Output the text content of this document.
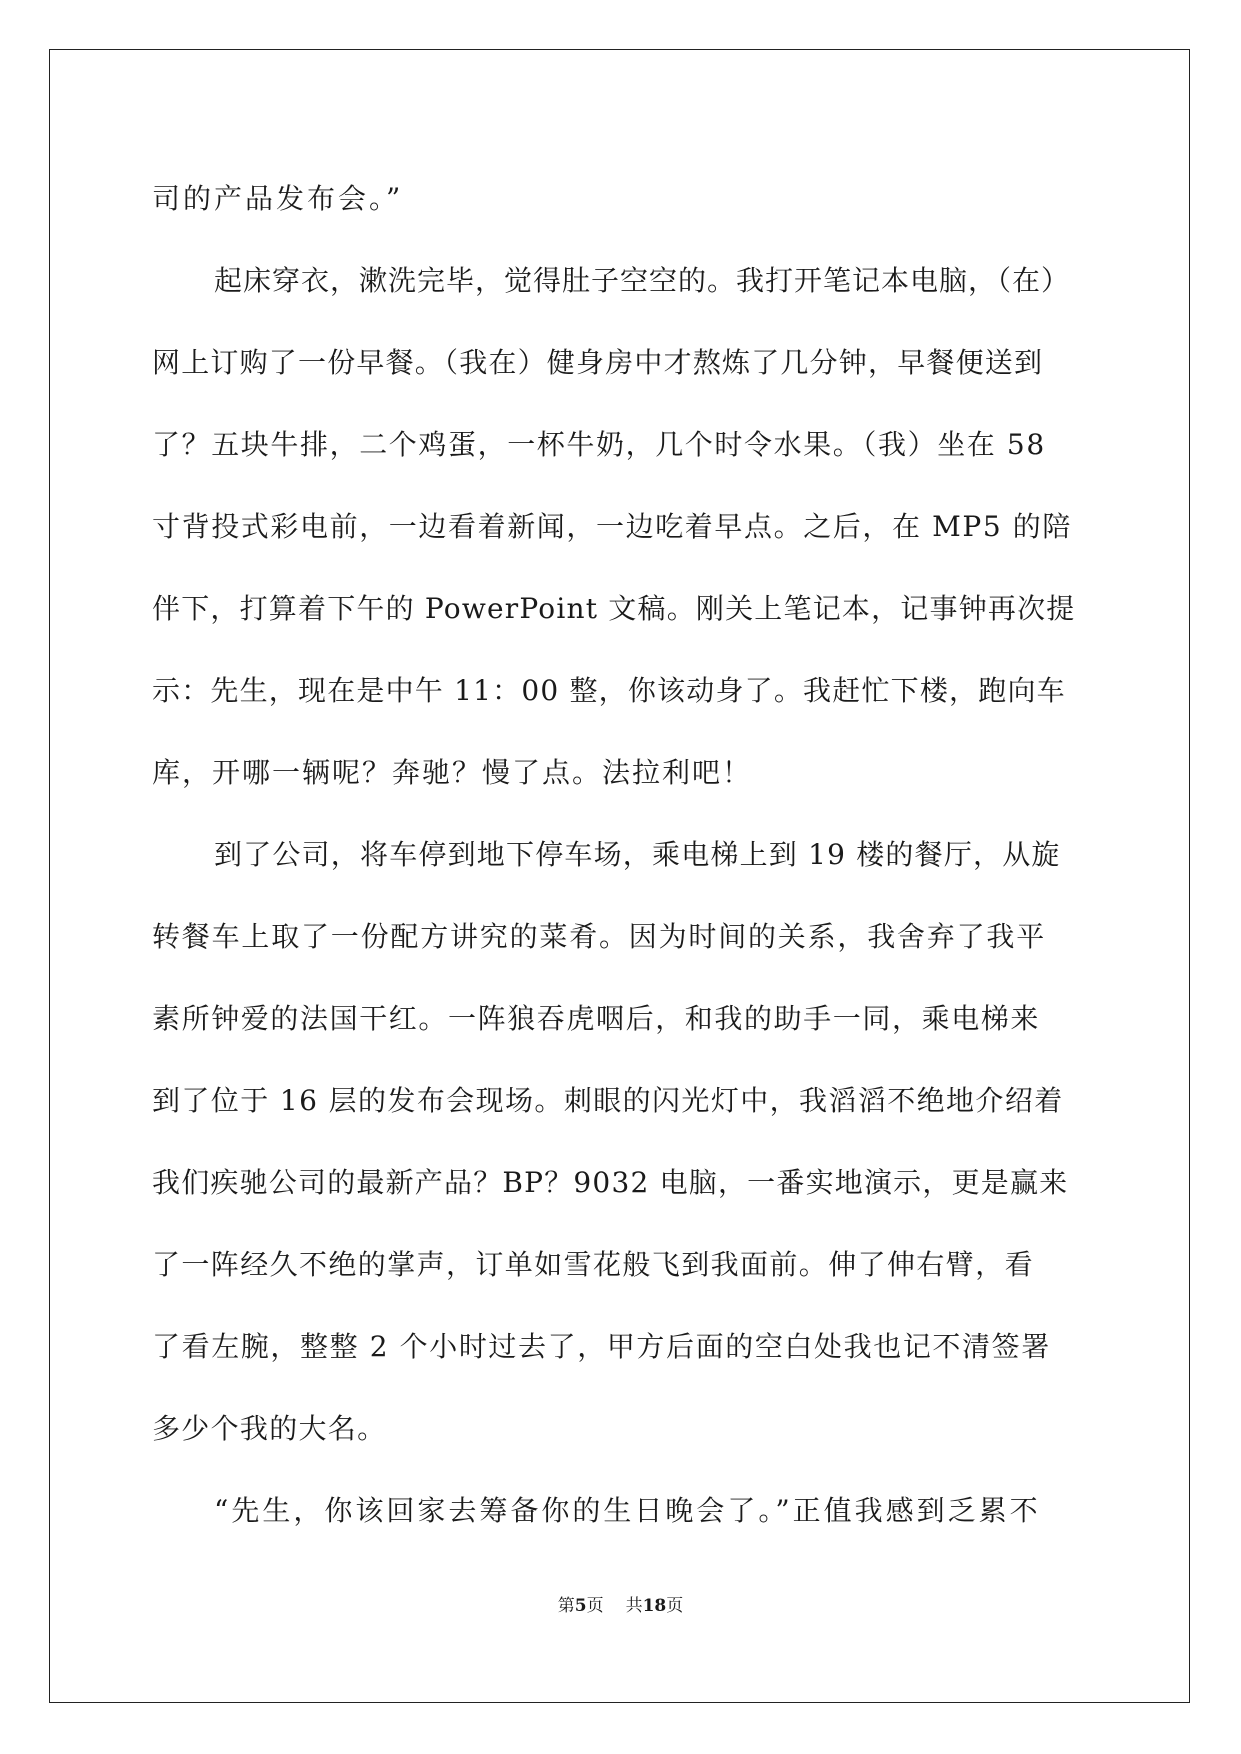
司的产品发布会。”
起床穿衣，漱洗完毕，觉得肚子空空的。我打开笔记本电脑，（在）
网上订购了一份早餐。（我在）健身房中才熬炼了几分钟，早餐便送到
了？五块牛排，二个鸡蛋，一杯牛奶，几个时令水果。（我）坐在 58
寸背投式彩电前，一边看着新闻，一边吃着早点。之后，在 MP5 的陪
伴下，打算着下午的 PowerPoint 文稿。刚关上笔记本，记事钟再次提
示：先生，现在是中午 11：00 整，你该动身了。我赶忙下楼，跑向车
库，开哪一辆呢？奔驰？慢了点。法拉利吧！
到了公司，将车停到地下停车场，乘电梯上到 19 楼的餐厅，从旋
转餐车上取了一份配方讲究的菜肴。因为时间的关系，我舍弃了我平
素所钟爱的法国干红。一阵狼吞虎咽后，和我的助手一同，乘电梯来
到了位于 16 层的发布会现场。刺眼的闪光灯中，我滔滔不绝地介绍着
我们疾驰公司的最新产品？BP？9032 电脑，一番实地演示，更是赢来
了一阵经久不绝的掌声，订单如雪花般飞到我面前。伸了伸右臂，看
了看左腕，整整 2 个小时过去了，甲方后面的空白处我也记不清签署
多少个我的大名。
“先生，你该回家去筹备你的生日晚会了。”正值我感到乏累不
第5页 共18页
